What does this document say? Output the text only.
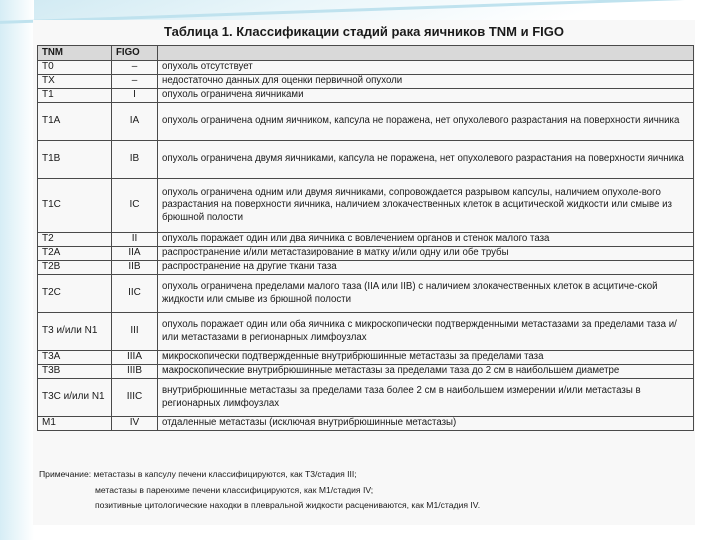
Таблица 1. Классификации стадий рака яичников TNM и FIGO
TNM	FIGO	
T0	–	опухоль отсутствует
TX	–	недостаточно данных для оценки первичной опухоли
T1	I	опухоль ограничена яичниками
T1A	IA	опухоль ограничена одним яичником, капсула не поражена, нет опухолевого разрастания на поверхности яичника
T1B	IB	опухоль ограничена двумя яичниками, капсула не поражена, нет опухолевого разрастания на поверхности яичника
T1C	IC	опухоль ограничена одним или двумя яичниками, сопровождается разрывом капсулы, наличием опухоле-вого разрастания на поверхности яичника, наличием злокачественных клеток в асцитической жидкости или смыве из брюшной полости
T2	II	опухоль поражает один или два яичника с вовлечением органов и стенок малого таза
T2A	IIA	распространение и/или метастазирование в матку и/или одну или обе трубы
T2B	IIB	распространение на другие ткани таза
T2C	IIC	опухоль ограничена пределами малого таза (IIA или IIB) с наличием злокачественных клеток в асцитиче-ской жидкости или смыве из брюшной полости
T3 и/или N1	III	опухоль поражает один или оба яичника с микроскопически подтвержденными метастазами за пределами таза и/или метастазами в регионарных лимфоузлах
T3A	IIIA	микроскопически подтвержденные внутрибрюшинные метастазы за пределами таза
T3B	IIIB	макроскопические внутрибрюшинные метастазы за пределами таза до 2 см в наибольшем диаметре
T3C и/или N1	IIIC	внутрибрюшинные метастазы за пределами таза более 2 см в наибольшем измерении и/или метастазы в регионарных лимфоузлах
M1	IV	отдаленные метастазы (исключая внутрибрюшинные метастазы)
Примечание: метастазы в капсулу печени классифицируются, как T3/стадия III;
метастазы в паренхиме печени классифицируются, как M1/стадия IV;
позитивные цитологические находки в плевральной жидкости расцениваются, как M1/стадия IV.
